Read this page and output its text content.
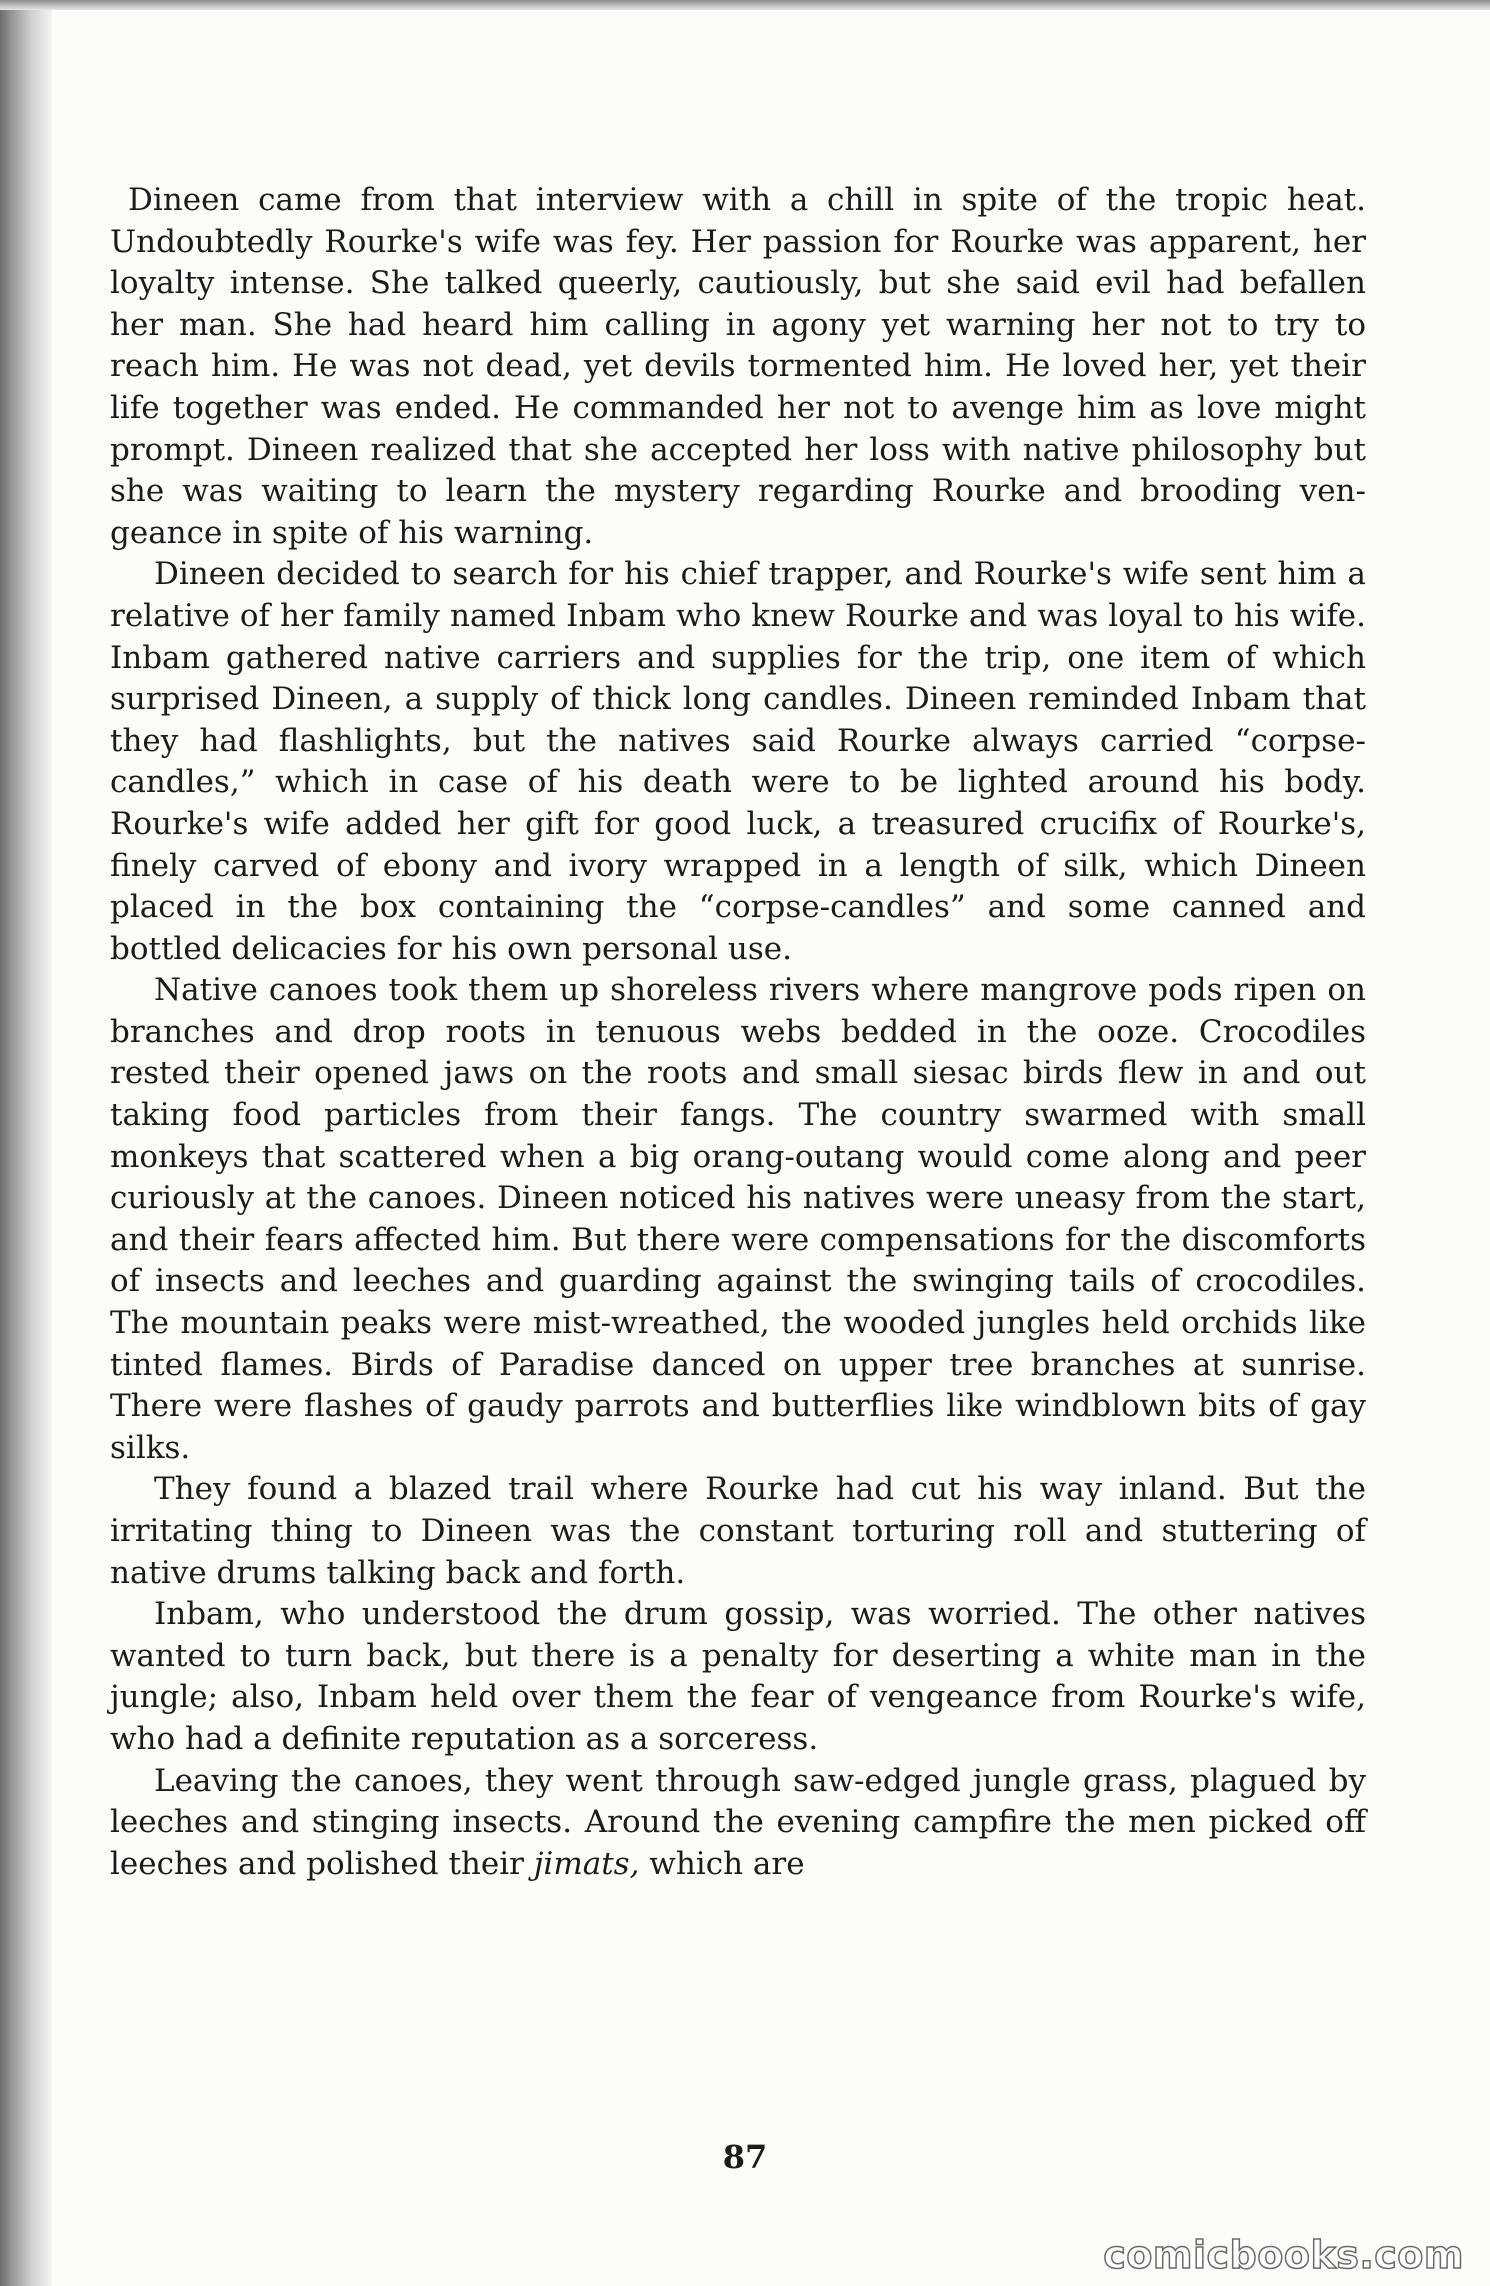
Dineen came from that interview with a chill in spite of the tropic heat. Undoubtedly Rourke's wife was fey. Her passion for Rourke was apparent, her loyalty intense. She talked queerly, cautiously, but she said evil had befallen her man. She had heard him calling in agony yet warning her not to try to reach him. He was not dead, yet devils tormented him. He loved her, yet their life together was ended. He commanded her not to avenge him as love might prompt. Dineen realized that she accepted her loss with native philosophy but she was waiting to learn the mystery regarding Rourke and brooding vengeance in spite of his warning.

Dineen decided to search for his chief trapper, and Rourke's wife sent him a relative of her family named Inbam who knew Rourke and was loyal to his wife. Inbam gathered native carriers and supplies for the trip, one item of which surprised Dineen, a supply of thick long candles. Dineen reminded Inbam that they had flashlights, but the natives said Rourke always carried “corpse-candles,” which in case of his death were to be lighted around his body. Rourke's wife added her gift for good luck, a treasured crucifix of Rourke's, finely carved of ebony and ivory wrapped in a length of silk, which Dineen placed in the box containing the “corpse-candles” and some canned and bottled delicacies for his own personal use.

Native canoes took them up shoreless rivers where mangrove pods ripen on branches and drop roots in tenuous webs bedded in the ooze. Crocodiles rested their opened jaws on the roots and small siesac birds flew in and out taking food particles from their fangs. The country swarmed with small monkeys that scattered when a big orang-outang would come along and peer curiously at the canoes. Dineen noticed his natives were uneasy from the start, and their fears affected him. But there were compensations for the discomforts of insects and leeches and guarding against the swinging tails of crocodiles. The mountain peaks were mist-wreathed, the wooded jungles held orchids like tinted flames. Birds of Paradise danced on upper tree branches at sunrise. There were flashes of gaudy parrots and butterflies like windblown bits of gay silks.

They found a blazed trail where Rourke had cut his way inland. But the irritating thing to Dineen was the constant torturing roll and stuttering of native drums talking back and forth.

Inbam, who understood the drum gossip, was worried. The other natives wanted to turn back, but there is a penalty for deserting a white man in the jungle; also, Inbam held over them the fear of vengeance from Rourke's wife, who had a definite reputation as a sorceress.

Leaving the canoes, they went through saw-edged jungle grass, plagued by leeches and stinging insects. Around the evening campfire the men picked off leeches and polished their jimats, which are

87
comicbooks.com
